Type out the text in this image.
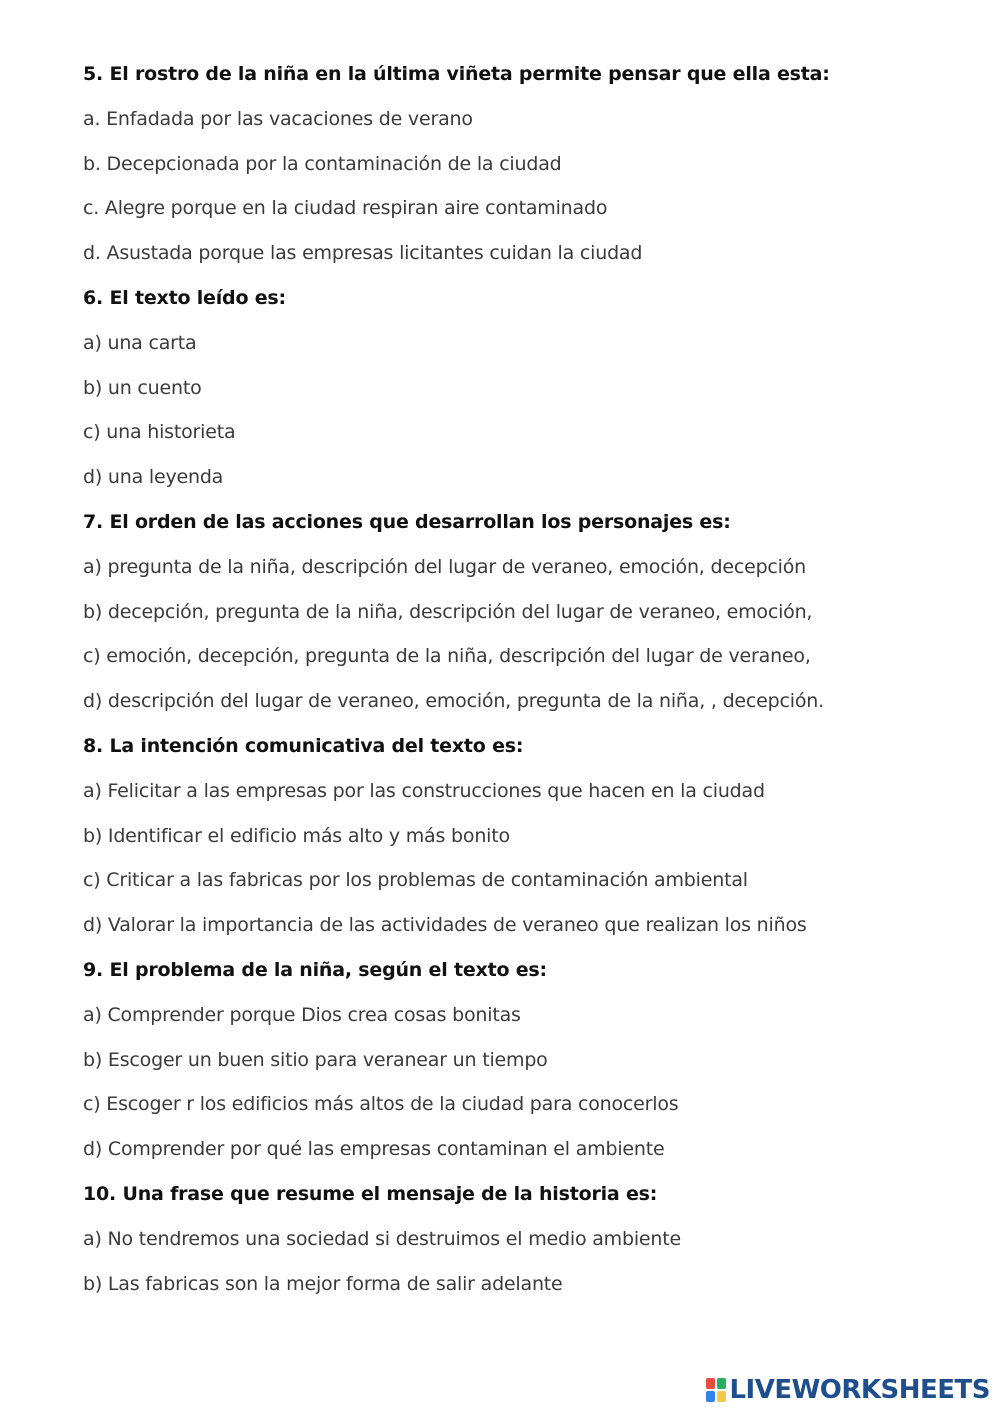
5. El rostro de la niña en la última viñeta permite pensar que ella esta:
a. Enfadada por las vacaciones de verano
b. Decepcionada por la contaminación de la ciudad
c. Alegre porque en la ciudad respiran aire contaminado
d. Asustada porque las empresas licitantes cuidan la ciudad
6. El texto leído es:
a) una carta
b) un cuento
c) una historieta
d) una leyenda
7. El orden de las acciones que desarrollan los personajes es:
a) pregunta de la niña, descripción del lugar de veraneo, emoción, decepción
b) decepción, pregunta de la niña, descripción del lugar de veraneo, emoción,
c) emoción, decepción, pregunta de la niña, descripción del lugar de veraneo,
d) descripción del lugar de veraneo, emoción, pregunta de la niña, , decepción.
8. La intención comunicativa del texto es:
a) Felicitar a las empresas por las construcciones que hacen en la ciudad
b) Identificar el edificio más alto y más bonito
c) Criticar a las fabricas por los problemas de contaminación ambiental
d) Valorar la importancia de las actividades de veraneo que realizan los niños
9. El problema de la niña, según el texto es:
a) Comprender porque Dios crea cosas bonitas
b) Escoger un buen sitio para veranear un tiempo
c) Escoger r los edificios más altos de la ciudad para conocerlos
d) Comprender por qué las empresas contaminan el ambiente
10. Una frase que resume el mensaje de la historia es:
a) No tendremos una sociedad si destruimos el medio ambiente
b) Las fabricas son la mejor forma de salir adelante
LIVEWORKSHEETS
